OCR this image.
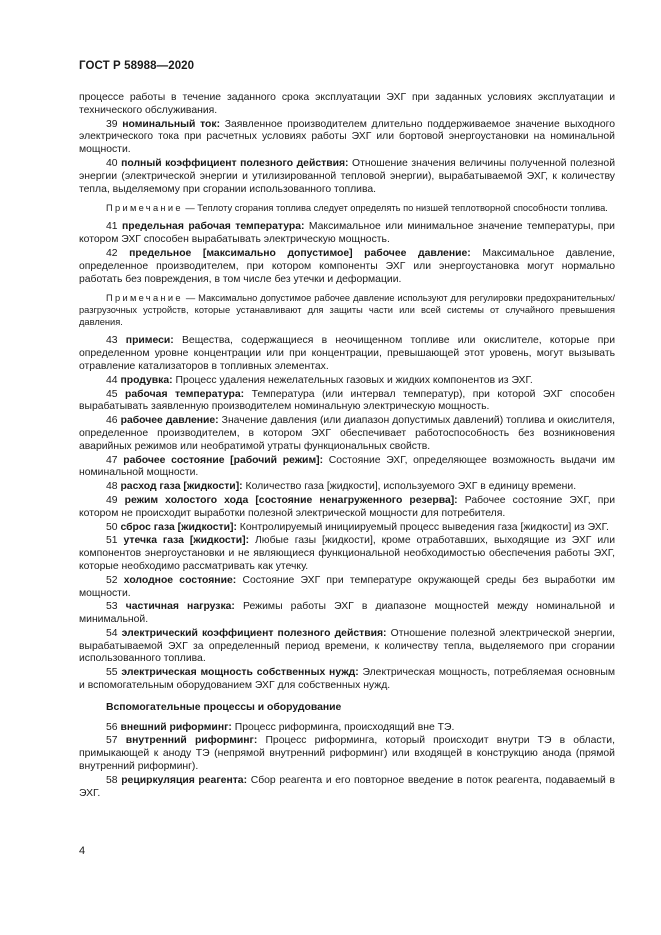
ГОСТ Р 58988—2020

процессе работы в течение заданного срока эксплуатации ЭХГ при заданных условиях эксплуатации и технического обслуживания.

39 номинальный ток: Заявленное производителем длительно поддерживаемое значение выходного электрического тока при расчетных условиях работы ЭХГ или бортовой энергоустановки на номинальной мощности.

40 полный коэффициент полезного действия: Отношение значения величины полученной полезной энергии (электрической энергии и утилизированной тепловой энергии), вырабатываемой ЭХГ, к количеству тепла, выделяемому при сгорании использованного топлива.

Примечание — Теплоту сгорания топлива следует определять по низшей теплотворной способности топлива.

41 предельная рабочая температура: Максимальное или минимальное значение температуры, при котором ЭХГ способен вырабатывать электрическую мощность.

42 предельное [максимально допустимое] рабочее давление: Максимальное давление, определенное производителем, при котором компоненты ЭХГ или энергоустановка могут нормально работать без повреждения, в том числе без утечки и деформации.

Примечание — Максимально допустимое рабочее давление используют для регулировки предохранительных/разгрузочных устройств, которые устанавливают для защиты части или всей системы от случайного превышения давления.

43 примеси: Вещества, содержащиеся в неочищенном топливе или окислителе, которые при определенном уровне концентрации или при концентрации, превышающей этот уровень, могут вызывать отравление катализаторов в топливных элементах.

44 продувка: Процесс удаления нежелательных газовых и жидких компонентов из ЭХГ.

45 рабочая температура: Температура (или интервал температур), при которой ЭХГ способен вырабатывать заявленную производителем номинальную электрическую мощность.

46 рабочее давление: Значение давления (или диапазон допустимых давлений) топлива и окислителя, определенное производителем, в котором ЭХГ обеспечивает работоспособность без возникновения аварийных режимов или необратимой утраты функциональных свойств.

47 рабочее состояние [рабочий режим]: Состояние ЭХГ, определяющее возможность выдачи им номинальной мощности.

48 расход газа [жидкости]: Количество газа [жидкости], используемого ЭХГ в единицу времени.

49 режим холостого хода [состояние ненагруженного резерва]: Рабочее состояние ЭХГ, при котором не происходит выработки полезной электрической мощности для потребителя.

50 сброс газа [жидкости]: Контролируемый инициируемый процесс выведения газа [жидкости] из ЭХГ.

51 утечка газа [жидкости]: Любые газы [жидкости], кроме отработавших, выходящие из ЭХГ или компонентов энергоустановки и не являющиеся функциональной необходимостью обеспечения работы ЭХГ, которые необходимо рассматривать как утечку.

52 холодное состояние: Состояние ЭХГ при температуре окружающей среды без выработки им мощности.

53 частичная нагрузка: Режимы работы ЭХГ в диапазоне мощностей между номинальной и минимальной.

54 электрический коэффициент полезного действия: Отношение полезной электрической энергии, вырабатываемой ЭХГ за определенный период времени, к количеству тепла, выделяемого при сгорании использованного топлива.

55 электрическая мощность собственных нужд: Электрическая мощность, потребляемая основным и вспомогательным оборудованием ЭХГ для собственных нужд.

Вспомогательные процессы и оборудование

56 внешний риформинг: Процесс риформинга, происходящий вне ТЭ.

57 внутренний риформинг: Процесс риформинга, который происходит внутри ТЭ в области, примыкающей к аноду ТЭ (непрямой внутренний риформинг) или входящей в конструкцию анода (прямой внутренний риформинг).

58 рециркуляция реагента: Сбор реагента и его повторное введение в поток реагента, подаваемый в ЭХГ.

4
